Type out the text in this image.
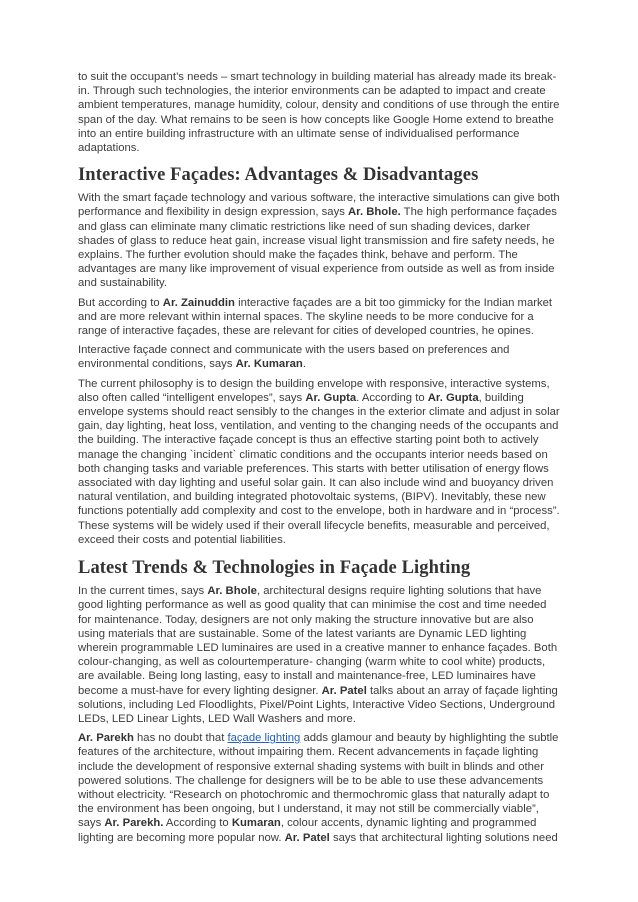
to suit the occupant’s needs – smart technology in building material has already made its break-in. Through such technologies, the interior environments can be adapted to impact and create ambient temperatures, manage humidity, colour, density and conditions of use through the entire span of the day. What remains to be seen is how concepts like Google Home extend to breathe into an entire building infrastructure with an ultimate sense of individualised performance adaptations.

Interactive Façades: Advantages & Disadvantages

With the smart façade technology and various software, the interactive simulations can give both performance and flexibility in design expression, says Ar. Bhole. The high performance façades and glass can eliminate many climatic restrictions like need of sun shading devices, darker shades of glass to reduce heat gain, increase visual light transmission and fire safety needs, he explains. The further evolution should make the façades think, behave and perform. The advantages are many like improvement of visual experience from outside as well as from inside and sustainability.

But according to Ar. Zainuddin interactive façades are a bit too gimmicky for the Indian market and are more relevant within internal spaces. The skyline needs to be more conducive for a range of interactive façades, these are relevant for cities of developed countries, he opines.

Interactive façade connect and communicate with the users based on preferences and environmental conditions, says Ar. Kumaran.

The current philosophy is to design the building envelope with responsive, interactive systems, also often called “intelligent envelopes”, says Ar. Gupta. According to Ar. Gupta, building envelope systems should react sensibly to the changes in the exterior climate and adjust in solar gain, day lighting, heat loss, ventilation, and venting to the changing needs of the occupants and the building. The interactive façade concept is thus an effective starting point both to actively manage the changing `incident` climatic conditions and the occupants interior needs based on both changing tasks and variable preferences. This starts with better utilisation of energy flows associated with day lighting and useful solar gain. It can also include wind and buoyancy driven natural ventilation, and building integrated photovoltaic systems, (BIPV). Inevitably, these new functions potentially add complexity and cost to the envelope, both in hardware and in “process”. These systems will be widely used if their overall lifecycle benefits, measurable and perceived, exceed their costs and potential liabilities.

Latest Trends & Technologies in Façade Lighting

In the current times, says Ar. Bhole, architectural designs require lighting solutions that have good lighting performance as well as good quality that can minimise the cost and time needed for maintenance. Today, designers are not only making the structure innovative but are also using materials that are sustainable. Some of the latest variants are Dynamic LED lighting wherein programmable LED luminaires are used in a creative manner to enhance façades. Both colour-changing, as well as colourtemperature- changing (warm white to cool white) products, are available. Being long lasting, easy to install and maintenance-free, LED luminaires have become a must-have for every lighting designer. Ar. Patel talks about an array of façade lighting solutions, including Led Floodlights, Pixel/Point Lights, Interactive Video Sections, Underground LEDs, LED Linear Lights, LED Wall Washers and more.

Ar. Parekh has no doubt that façade lighting adds glamour and beauty by highlighting the subtle features of the architecture, without impairing them. Recent advancements in façade lighting include the development of responsive external shading systems with built in blinds and other powered solutions. The challenge for designers will be to be able to use these advancements without electricity. “Research on photochromic and thermochromic glass that naturally adapt to the environment has been ongoing, but I understand, it may not still be commercially viable”, says Ar. Parekh. According to Kumaran, colour accents, dynamic lighting and programmed lighting are becoming more popular now. Ar. Patel says that architectural lighting solutions need
